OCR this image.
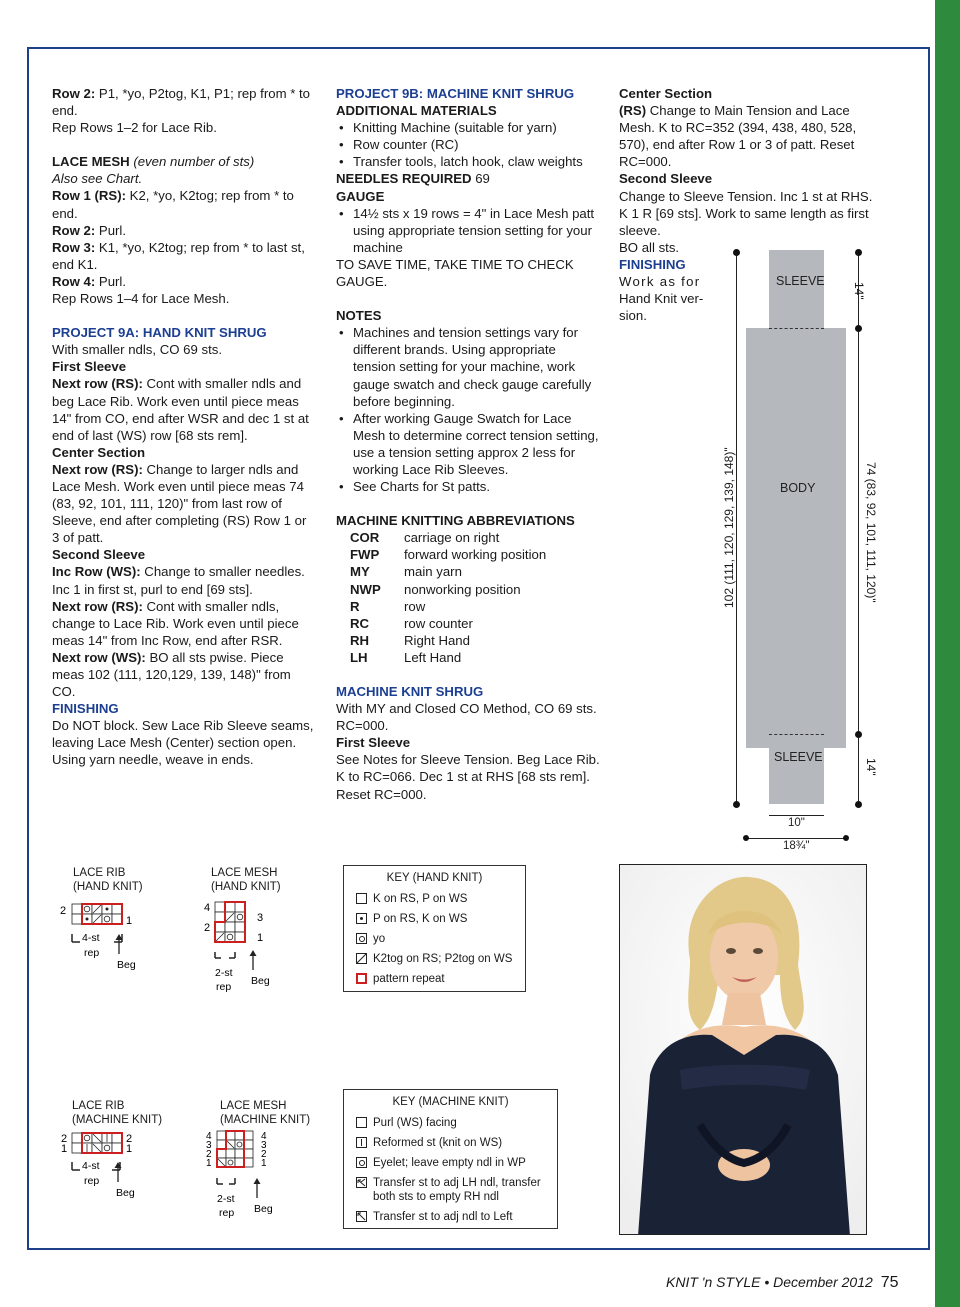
Row 2: P1, *yo, P2tog, K1, P1; rep from * to end.

Rep Rows 1–2 for Lace Rib.

LACE MESH (even number of sts)

Also see Chart.

Row 1 (RS): K2, *yo, K2tog; rep from * to end.

Row 2: Purl.

Row 3: K1, *yo, K2tog; rep from * to last st, end K1.

Row 4: Purl.

Rep Rows 1–4 for Lace Mesh.

PROJECT 9A: HAND KNIT SHRUG

With smaller ndls, CO 69 sts.

First Sleeve

Next row (RS): Cont with smaller ndls and beg Lace Rib. Work even until piece meas 14" from CO, end after WSR and dec 1 st at end of last (WS) row [68 sts rem].

Center Section

Next row (RS): Change to larger ndls and Lace Mesh. Work even until piece meas 74 (83, 92, 101, 111, 120)" from last row of Sleeve, end after completing (RS) Row 1 or 3 of patt.

Second Sleeve

Inc Row (WS): Change to smaller needles. Inc 1 in first st, purl to end [69 sts].

Next row (RS): Cont with smaller ndls, change to Lace Rib. Work even until piece meas 14" from Inc Row, end after RSR.

Next row (WS): BO all sts pwise. Piece meas 102 (111, 120,129, 139, 148)" from CO.

FINISHING

Do NOT block. Sew Lace Rib Sleeve seams, leaving Lace Mesh (Center) section open. Using yarn needle, weave in ends.

PROJECT 9B: MACHINE KNIT SHRUG

ADDITIONAL MATERIALS

• Knitting Machine (suitable for yarn)
• Row counter (RC)
• Transfer tools, latch hook, claw weights

NEEDLES REQUIRED 69

GAUGE

• 14½ sts x 19 rows = 4" in Lace Mesh patt using appropriate tension setting for your machine

TO SAVE TIME, TAKE TIME TO CHECK GAUGE.

NOTES

• Machines and tension settings vary for different brands. Using appropriate tension setting for your machine, work gauge swatch and check gauge carefully before beginning.
• After working Gauge Swatch for Lace Mesh to determine correct tension setting, use a tension setting approx 2 less for working Lace Rib Sleeves.
• See Charts for St patts.

MACHINE KNITTING ABBREVIATIONS

COR	carriage on right
FWP	forward working position
MY	main yarn
NWP	nonworking position
R	row
RC	row counter
RH	Right Hand
LH	Left Hand

MACHINE KNIT SHRUG

With MY and Closed CO Method, CO 69 sts. RC=000.

First Sleeve

See Notes for Sleeve Tension. Beg Lace Rib. K to RC=066. Dec 1 st at RHS [68 sts rem]. Reset RC=000.

Center Section

(RS) Change to Main Tension and Lace Mesh. K to RC=352 (394, 438, 480, 528, 570), end after Row 1 or 3 of patt. Reset RC=000.

Second Sleeve

Change to Sleeve Tension. Inc 1 st at RHS. K 1 R [69 sts]. Work to same length as first sleeve.

BO all sts.

FINISHING

Work as for

Hand Knit ver-

sion.

SLEEVE
BODY
SLEEVE
102 (111, 120, 129, 139, 148)"
14"
74 (83, 92, 101, 111, 120)"
14"
10"
18¾"
LACE RIB
(HAND KNIT)
2
1
4-st
rep
Beg
LACE MESH
(HAND KNIT)
4
3
2
1
2-st
rep Beg
KEY (HAND KNIT)
K on RS, P on WS
P on RS, K on WS
yo
K2tog on RS; P2tog on WS
pattern repeat
LACE RIB
(MACHINE KNIT)
2
1
2
1
4-st
rep
Beg
LACE MESH
(MACHINE KNIT)
4
3
2
1
4
3
2
1
2-st
rep Beg
KEY (MACHINE KNIT)
Purl (WS) facing
Reformed st (knit on WS)
Eyelet; leave empty ndl in WP
Transfer st to adj LH ndl, transfer both sts to empty RH ndl
Transfer st to adj ndl to Left
KNIT 'n STYLE • December 2012 75
